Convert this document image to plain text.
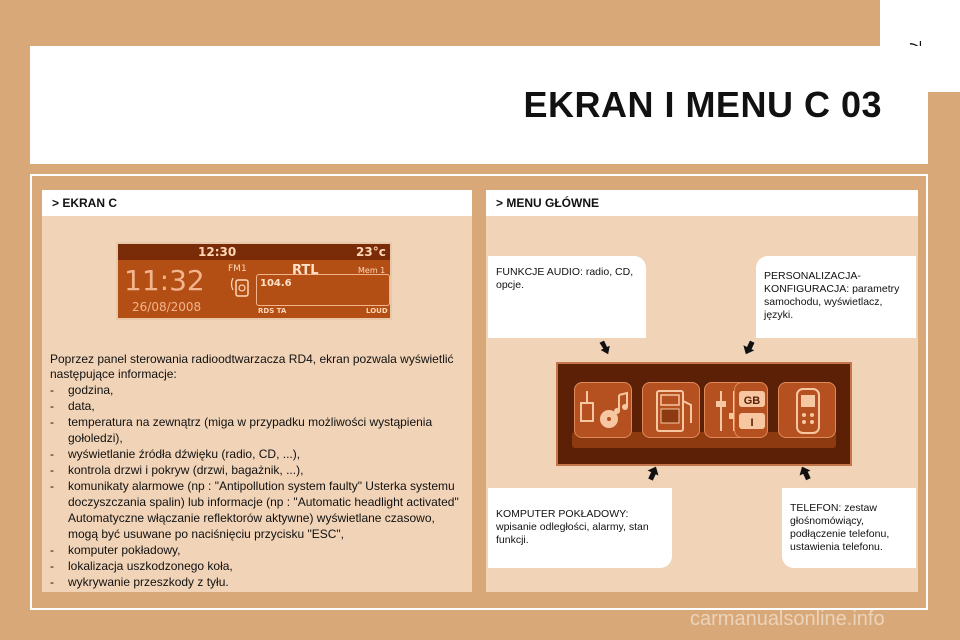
EKRAN I MENU C 03
> EKRAN C
12:30	23°c
11:32
26/08/2008
FM1	RTL	Mem 1
104.6
RDS TA	LOUD
Poprzez panel sterowania radioodtwarzacza RD4, ekran pozwala wyświetlić następujące informacje:
- godzina,
- data,
- temperatura na zewnątrz (miga w przypadku możliwości wystąpienia gołoledzi),
- wyświetlanie źródła dźwięku (radio, CD, ...),
- kontrola drzwi i pokryw (drzwi, bagażnik, ...),
- komunikaty alarmowe (np : "Antipollution system faulty" Usterka systemu doczyszczania spalin) lub informacje (np : "Automatic headlight activated" Automatyczne włączanie reflektorów aktywne) wyświetlane czasowo, mogą być usuwane po naciśnięciu przycisku "ESC",
- komputer pokładowy,
- lokalizacja uszkodzonego koła,
- wykrywanie przeszkody z tyłu.
> MENU GŁÓWNE
FUNKCJE AUDIO: radio, CD, opcje.
PERSONALIZACJA-KONFIGURACJA: parametry samochodu, wyświetlacz, języki.
KOMPUTER POKŁADOWY: wpisanie odległości, alarmy, stan funkcji.
TELEFON: zestaw głośnomówiący, podłączenie telefonu, ustawienia telefonu.
GB
I
carmanualsonline.info
